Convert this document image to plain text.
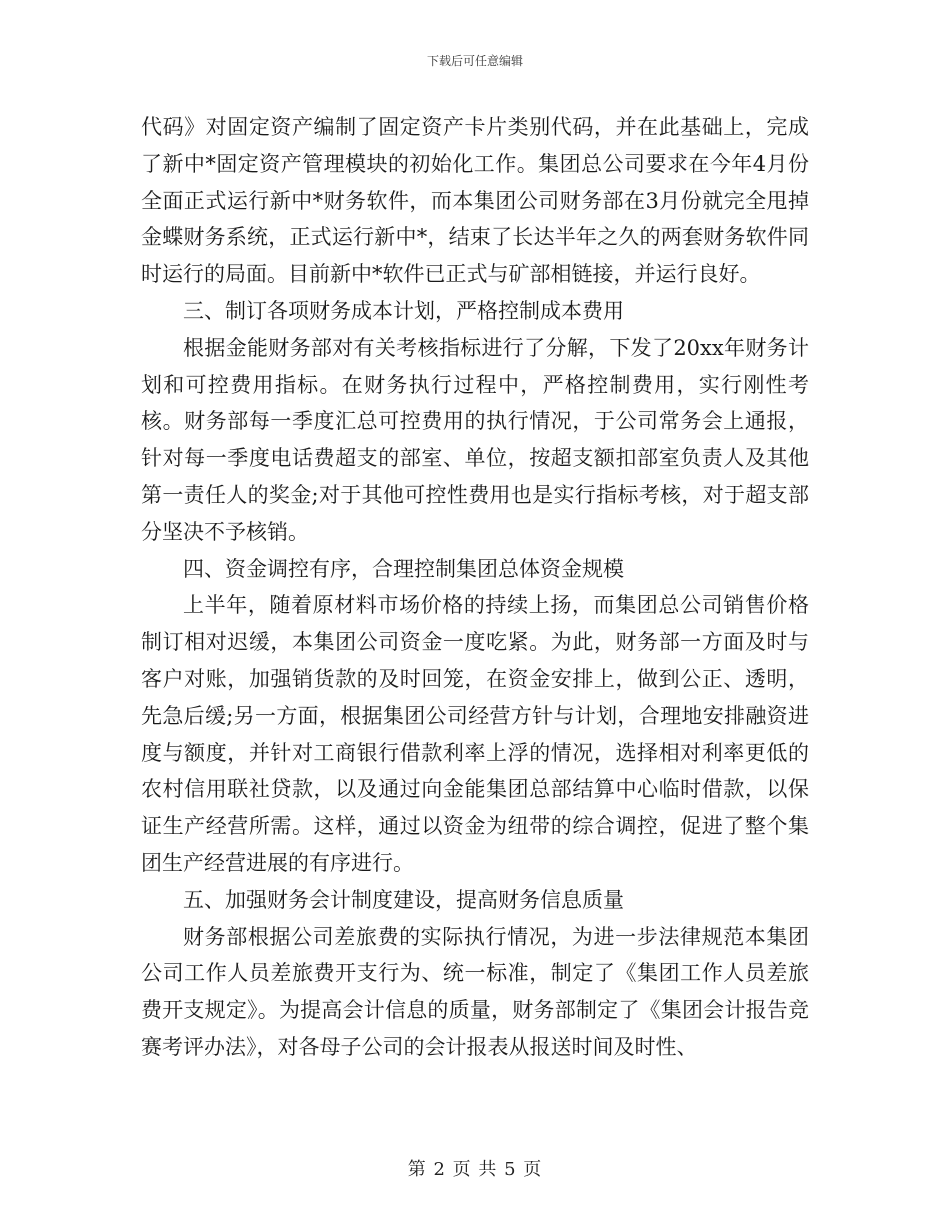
下载后可任意编辑

代码》对固定资产编制了固定资产卡片类别代码，并在此基础上，完成了新中*固定资产管理模块的初始化工作。集团总公司要求在今年4月份全面正式运行新中*财务软件，而本集团公司财务部在3月份就完全甩掉金蝶财务系统，正式运行新中*，结束了长达半年之久的两套财务软件同时运行的局面。目前新中*软件已正式与矿部相链接，并运行良好。

三、制订各项财务成本计划，严格控制成本费用

根据金能财务部对有关考核指标进行了分解，下发了20xx年财务计划和可控费用指标。在财务执行过程中，严格控制费用，实行刚性考核。财务部每一季度汇总可控费用的执行情况，于公司常务会上通报，针对每一季度电话费超支的部室、单位，按超支额扣部室负责人及其他第一责任人的奖金;对于其他可控性费用也是实行指标考核，对于超支部分坚决不予核销。

四、资金调控有序，合理控制集团总体资金规模

上半年，随着原材料市场价格的持续上扬，而集团总公司销售价格制订相对迟缓，本集团公司资金一度吃紧。为此，财务部一方面及时与客户对账，加强销货款的及时回笼，在资金安排上，做到公正、透明，先急后缓;另一方面，根据集团公司经营方针与计划，合理地安排融资进度与额度，并针对工商银行借款利率上浮的情况，选择相对利率更低的农村信用联社贷款，以及通过向金能集团总部结算中心临时借款，以保证生产经营所需。这样，通过以资金为纽带的综合调控，促进了整个集团生产经营进展的有序进行。

五、加强财务会计制度建设，提高财务信息质量

财务部根据公司差旅费的实际执行情况，为进一步法律规范本集团公司工作人员差旅费开支行为、统一标准，制定了《集团工作人员差旅费开支规定》。为提高会计信息的质量，财务部制定了《集团会计报告竞赛考评办法》，对各母子公司的会计报表从报送时间及时性、

第 2 页 共 5 页
